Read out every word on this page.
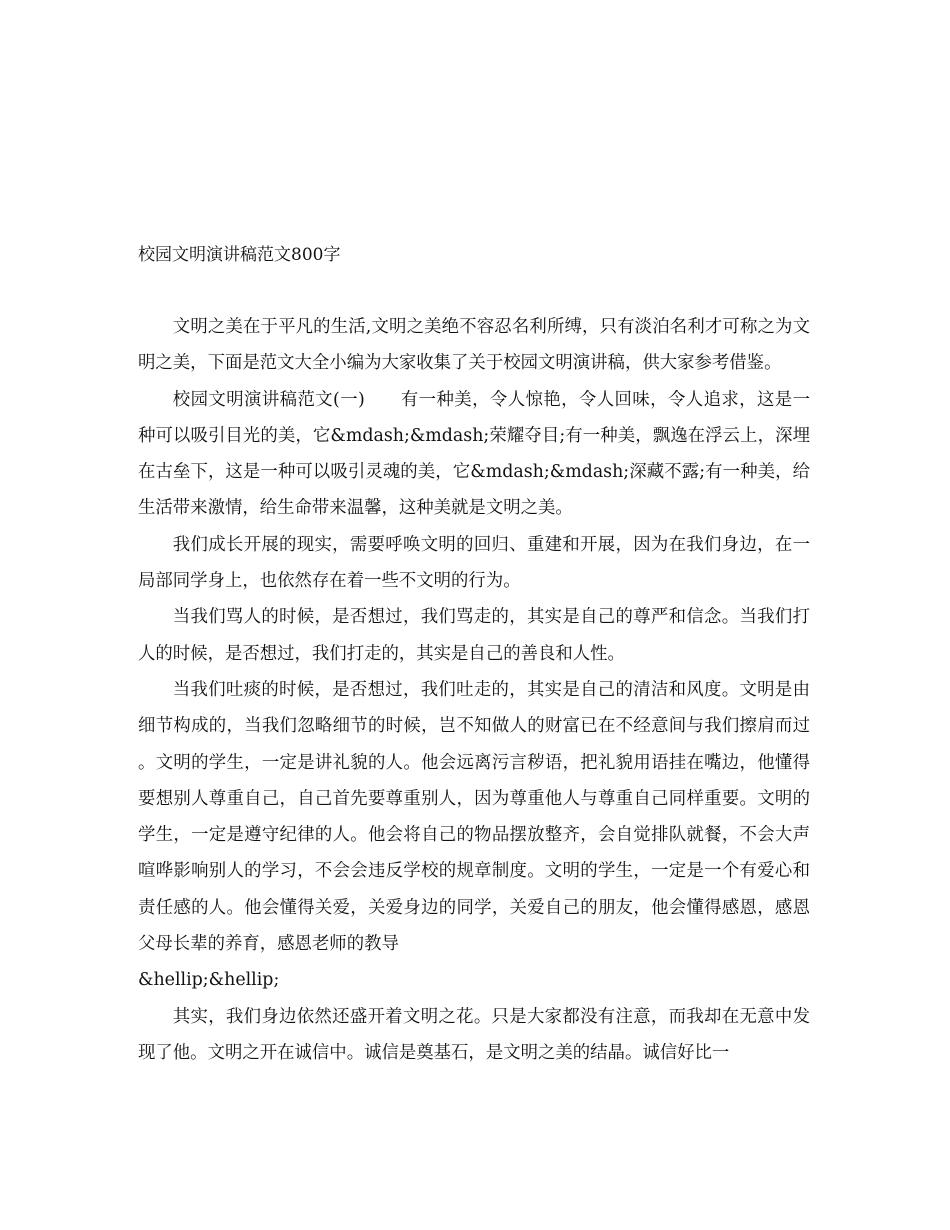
校园文明演讲稿范文800字

文明之美在于平凡的生活,文明之美绝不容忍名利所缚，只有淡泊名利才可称之为文明之美，下面是范文大全小编为大家收集了关于校园文明演讲稿，供大家参考借鉴。

校园文明演讲稿范文(一)　　有一种美，令人惊艳，令人回味，令人追求，这是一种可以吸引目光的美，它&mdash;&mdash;荣耀夺目;有一种美，飘逸在浮云上，深埋在古垒下，这是一种可以吸引灵魂的美，它&mdash;&mdash;深藏不露;有一种美，给生活带来激情，给生命带来温馨，这种美就是文明之美。

我们成长开展的现实，需要呼唤文明的回归、重建和开展，因为在我们身边，在一局部同学身上，也依然存在着一些不文明的行为。

当我们骂人的时候，是否想过，我们骂走的，其实是自己的尊严和信念。当我们打人的时候，是否想过，我们打走的，其实是自己的善良和人性。

当我们吐痰的时候，是否想过，我们吐走的，其实是自己的清洁和风度。文明是由细节构成的，当我们忽略细节的时候，岂不知做人的财富已在不经意间与我们擦肩而过。文明的学生，一定是讲礼貌的人。他会远离污言秽语，把礼貌用语挂在嘴边，他懂得要想别人尊重自己，自己首先要尊重别人，因为尊重他人与尊重自己同样重要。文明的学生，一定是遵守纪律的人。他会将自己的物品摆放整齐，会自觉排队就餐，不会大声喧哗影响别人的学习，不会会违反学校的规章制度。文明的学生，一定是一个有爱心和责任感的人。他会懂得关爱，关爱身边的同学，关爱自己的朋友，他会懂得感恩，感恩父母长辈的养育，感恩老师的教导

&hellip;&hellip;

其实，我们身边依然还盛开着文明之花。只是大家都没有注意，而我却在无意中发现了他。文明之开在诚信中。诚信是奠基石，是文明之美的结晶。诚信好比一
